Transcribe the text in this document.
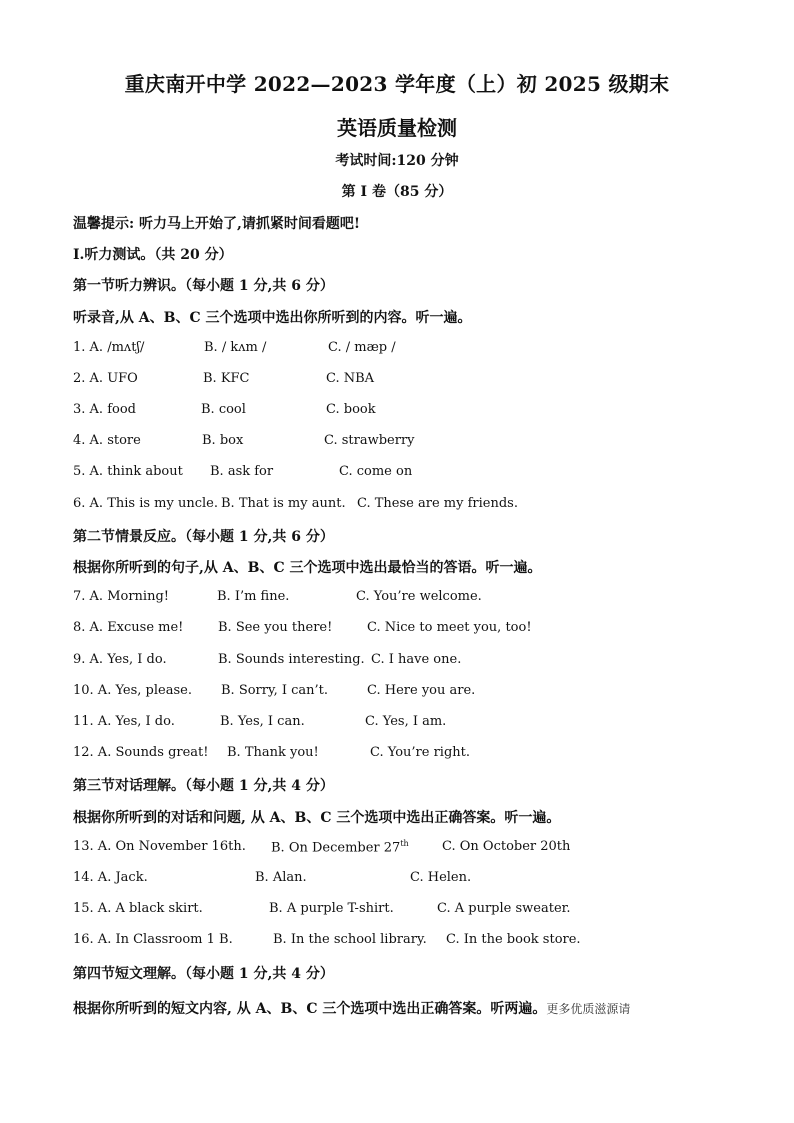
重庆南开中学 2022—2023 学年度（上）初 2025 级期末
英语质量检测
考试时间:120 分钟
第 I 卷（85 分）
温馨提示: 听力马上开始了,请抓紧时间看题吧!
I.听力测试。（共 20 分）
第一节听力辨识。（每小题 1 分,共 6 分）
听录音,从 A、B、C 三个选项中选出你所听到的内容。听一遍。
1. A. /mʌtʃ/	B. / kʌm /	C. / mæp /
2. A. UFO	B. KFC	C. NBA
3. A. food	B. cool	C. book
4. A. store	B. box	C. strawberry
5. A. think about B. ask for	C. come on
6. A. This is my uncle. B. That is my aunt. C. These are my friends.
第二节情景反应。（每小题 1 分,共 6 分）
根据你所听到的句子,从 A、B、C 三个选项中选出最恰当的答语。听一遍。
7. A. Morning!	B. I’m fine.	C. You’re welcome.
8. A. Excuse me!	B. See you there!	C. Nice to meet you, too!
9. A. Yes, I do.	B. Sounds interesting. C. I have one.
10. A. Yes, please. B. Sorry, I can’t.	C. Here you are.
11. A. Yes, I do.	B. Yes, I can.	C. Yes, I am.
12. A. Sounds great! B. Thank you!	C. You’re right.
第三节对话理解。（每小题 1 分,共 4 分）
根据你所听到的对话和问题, 从 A、B、C 三个选项中选出正确答案。听一遍。
13. A. On November 16th. B. On December 27th	C. On October 20th
14. A. Jack.	B. Alan.	C. Helen.
15. A. A black skirt.	B. A purple T-shirt.	C. A purple sweater.
16. A. In Classroom 1 B.	B. In the school library. C. In the book store.
第四节短文理解。（每小题 1 分,共 4 分）
根据你所听到的短文内容, 从 A、B、C 三个选项中选出正确答案。听两遍。更多优质滋源请
